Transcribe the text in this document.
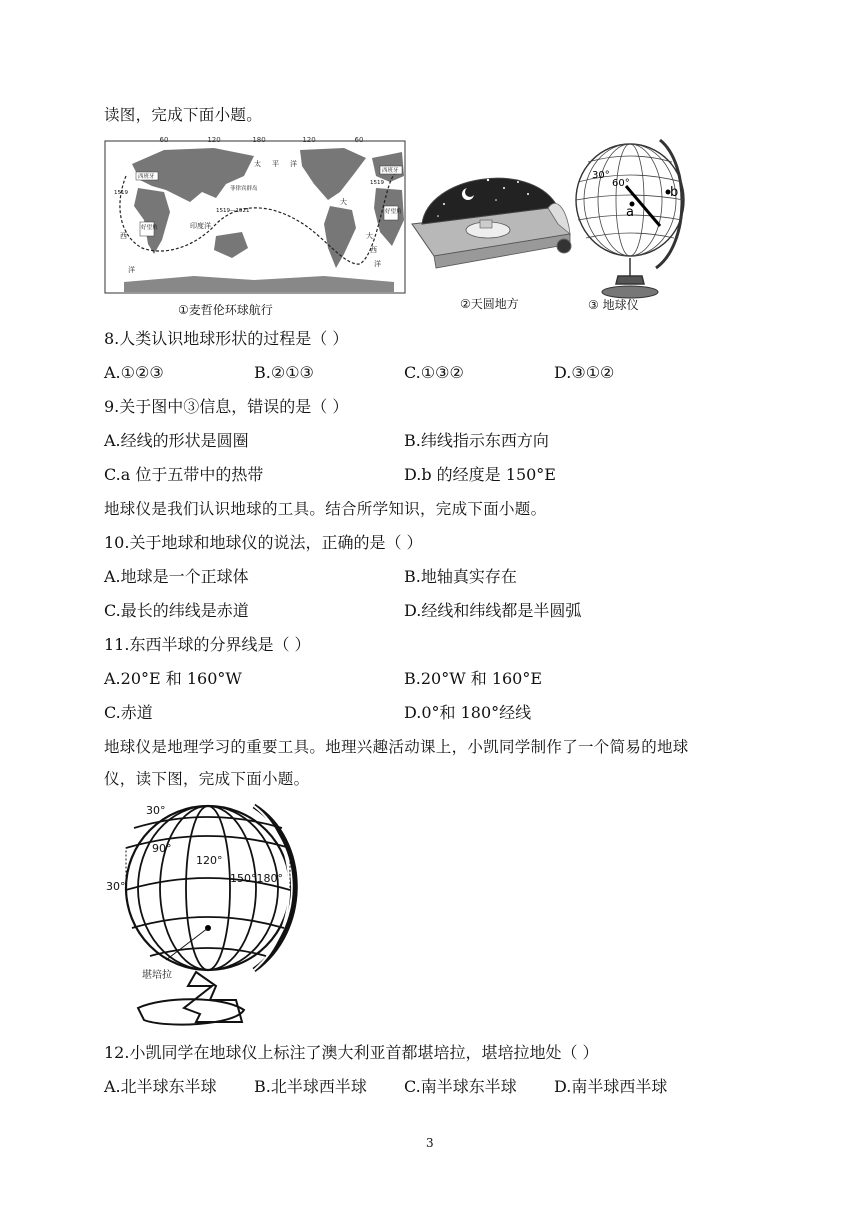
读图，完成下面小题。
60	120	180	120	60
太 平 洋
大
西
洋
印度洋
大
西
洋
西班牙
好望角
菲律宾群岛
西班牙
好望角
1519
1519—1521
1519
①麦哲伦环球航行	②天圆地方
30°
60°
a
b
③ 地球仪
8.人类认识地球形状的过程是（ ）
A.①②③	B.②①③	C.①③②	D.③①②
9.关于图中③信息，错误的是（ ）
A.经线的形状是圆圈	B.纬线指示东西方向
C.a 位于五带中的热带	D.b 的经度是 150°E
地球仪是我们认识地球的工具。结合所学知识，完成下面小题。
10.关于地球和地球仪的说法，正确的是（ ）
A.地球是一个正球体	B.地轴真实存在
C.最长的纬线是赤道	D.经线和纬线都是半圆弧
11.东西半球的分界线是（ ）
A.20°E 和 160°W	B.20°W 和 160°E
C.赤道	D.0°和 180°经线
地球仪是地理学习的重要工具。地理兴趣活动课上，小凯同学制作了一个简易的地球
仪，读下图，完成下面小题。
30°
90°
120°
150°180°
30°
堪培拉
12.小凯同学在地球仪上标注了澳大利亚首都堪培拉，堪培拉地处（ ）
A.北半球东半球 B.北半球西半球 C.南半球东半球 D.南半球西半球
3
